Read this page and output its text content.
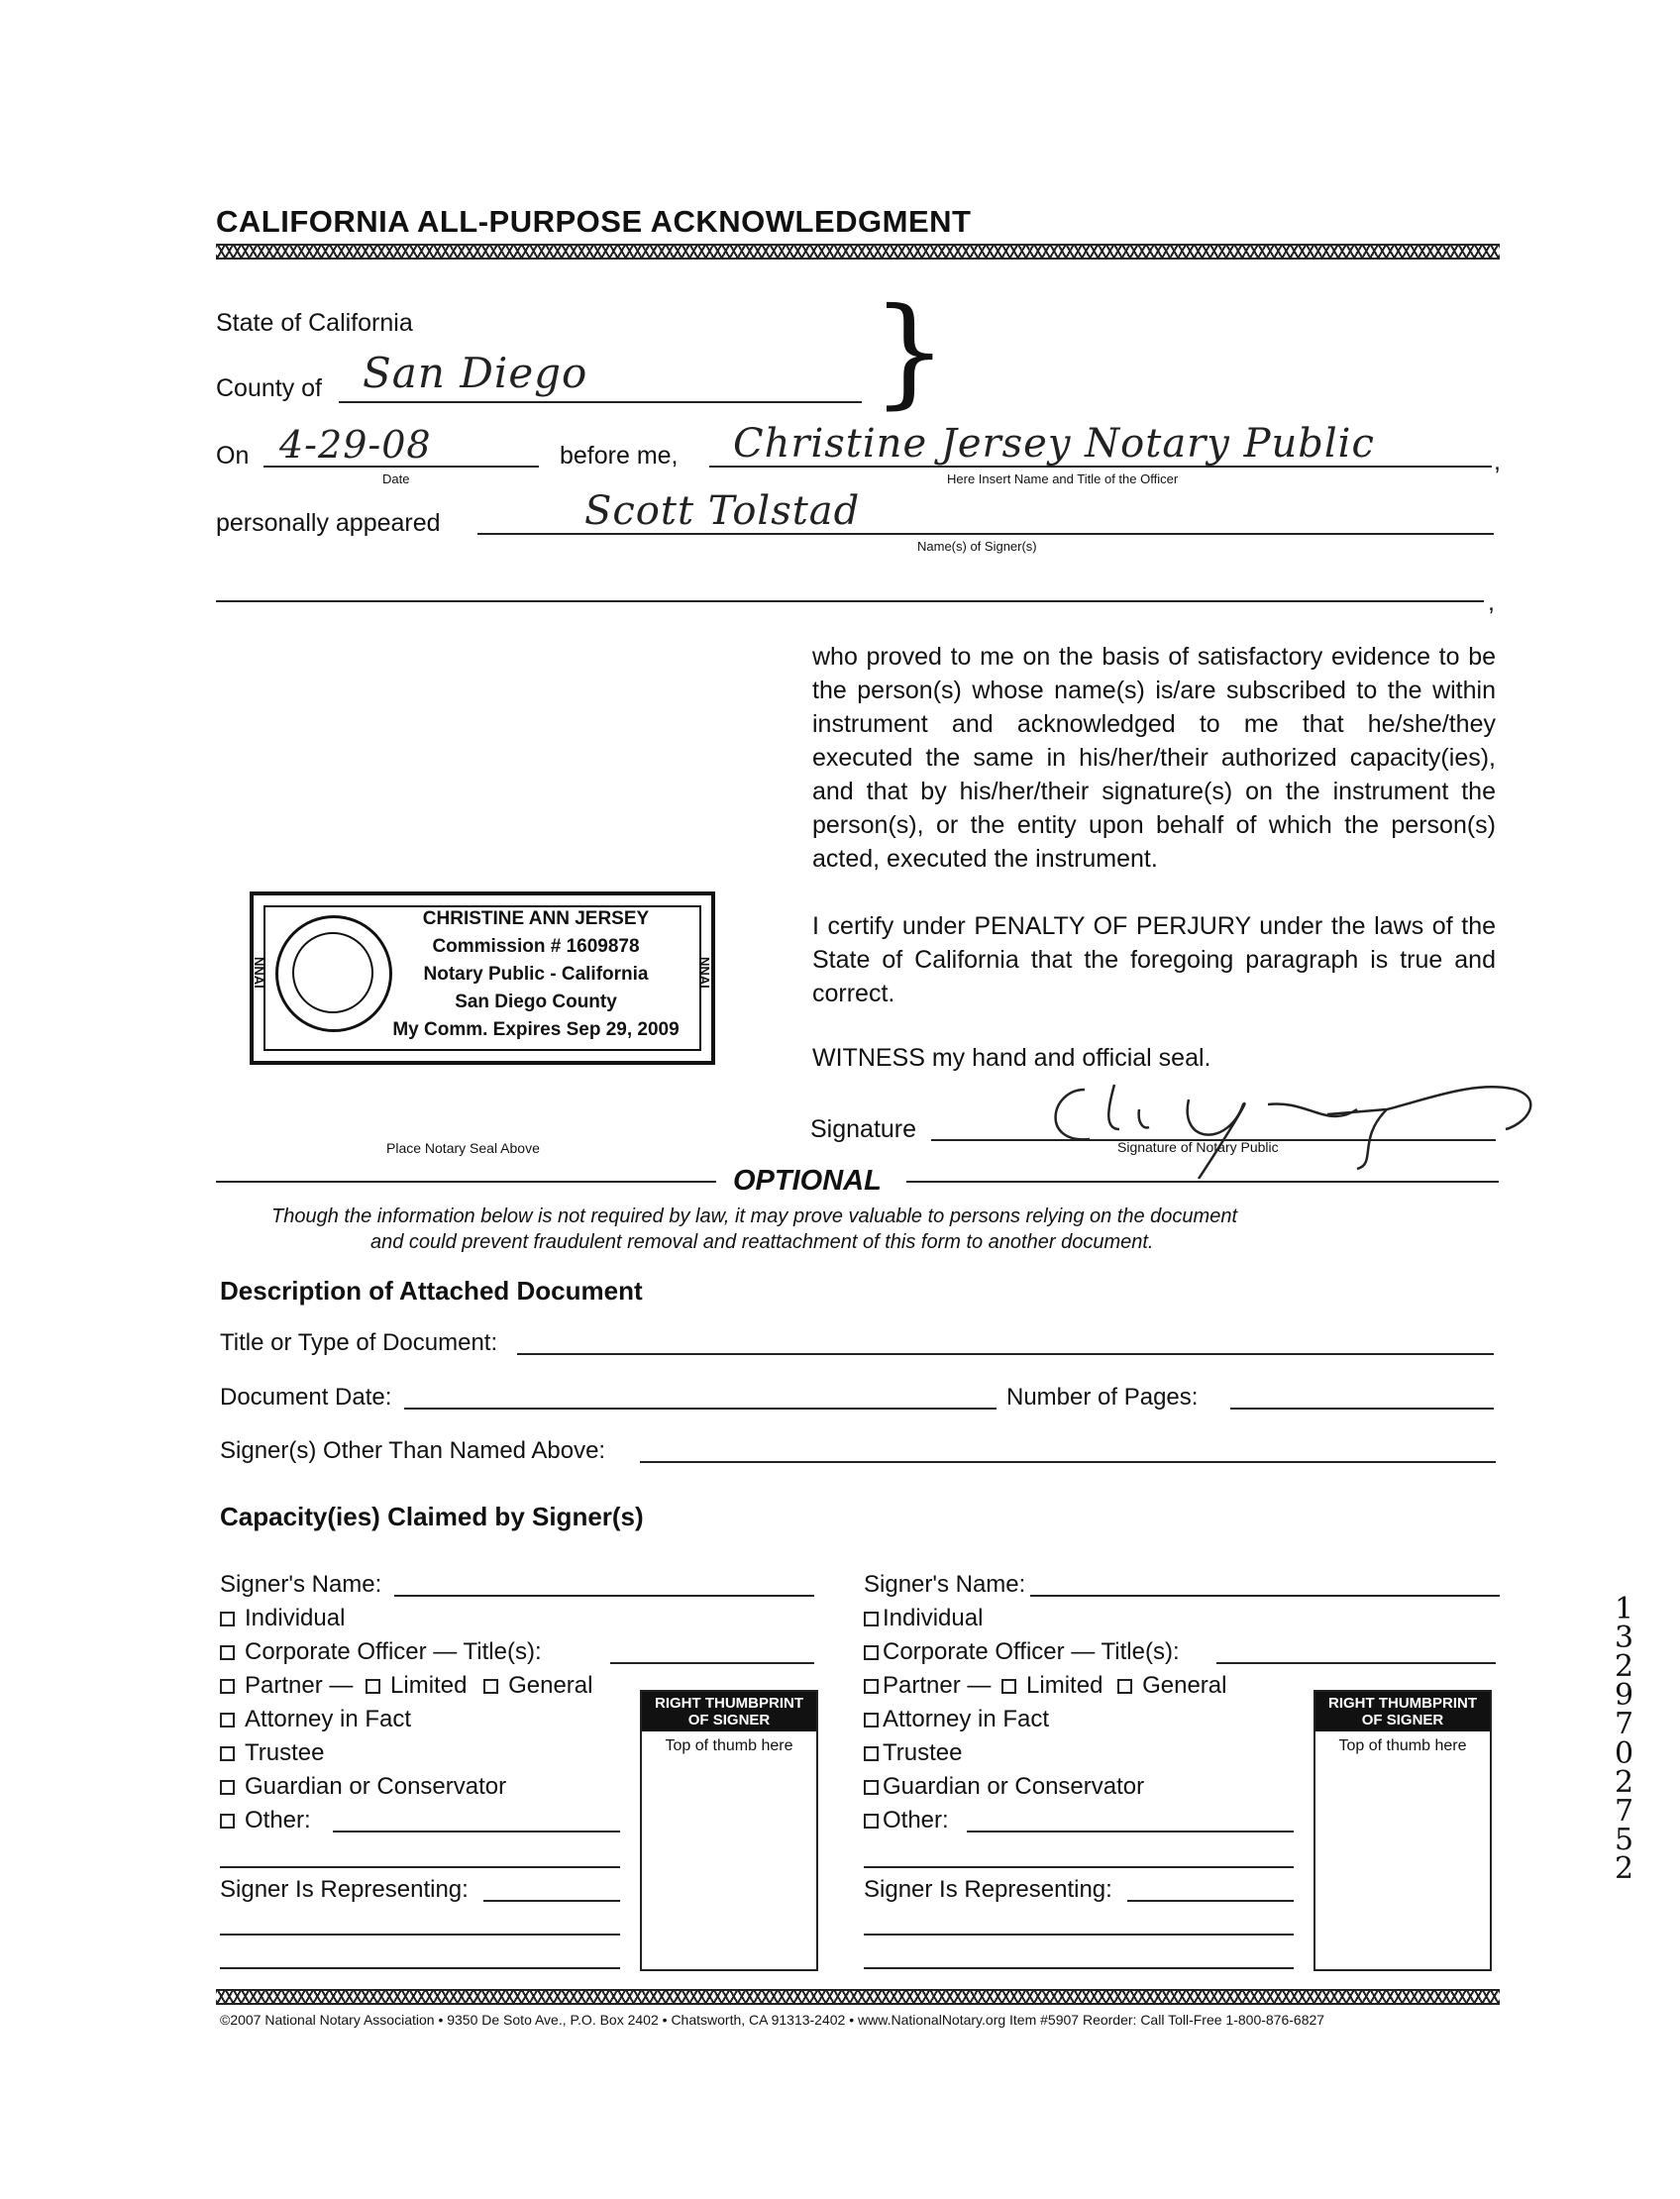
CALIFORNIA ALL-PURPOSE ACKNOWLEDGMENT
State of California	}
County of San Diego
On 4-29-08
Date
before me,	,
Christine Jersey Notary Public
Here Insert Name and Title of the Officer
personally appeared	Scott Tolstad
Name(s) of Signer(s)
,
who proved to me on the basis of satisfactory evidence to be the person(s) whose name(s) is/are subscribed to the within instrument and acknowledged to me that he/she/they executed the same in his/her/their authorized capacity(ies), and that by his/her/their signature(s) on the instrument the person(s), or the entity upon behalf of which the person(s) acted, executed the instrument.
I certify under PENALTY OF PERJURY under the laws of the State of California that the foregoing paragraph is true and correct.
WITNESS my hand and official seal.
NNAI	NNAI
CHRISTINE ANN JERSEY
Commission # 1609878
Notary Public - California
San Diego County
My Comm. Expires Sep 29, 2009
Place Notary Seal Above
Signature
Signature of Notary Public
OPTIONAL
Though the information below is not required by law, it may prove valuable to persons relying on the document
and could prevent fraudulent removal and reattachment of this form to another document.
Description of Attached Document
Title or Type of Document:
Document Date:	Number of Pages:
Signer(s) Other Than Named Above:
Capacity(ies) Claimed by Signer(s)
Signer's Name:
Individual
Corporate Officer — Title(s):
Partner — Limited General
Attorney in Fact
Trustee
Guardian or Conservator
Other:
Signer Is Representing:
RIGHT THUMBPRINT
OF SIGNER
Top of thumb here
Signer's Name:
Individual
Corporate Officer — Title(s):
Partner — Limited General
Attorney in Fact
Trustee
Guardian or Conservator
Other:
Signer Is Representing:
RIGHT THUMBPRINT
OF SIGNER
Top of thumb here
©2007 National Notary Association • 9350 De Soto Ave., P.O. Box 2402 • Chatsworth, CA 91313-2402 • www.NationalNotary.org Item #5907 Reorder: Call Toll-Free 1-800-876-6827
13297
02752
